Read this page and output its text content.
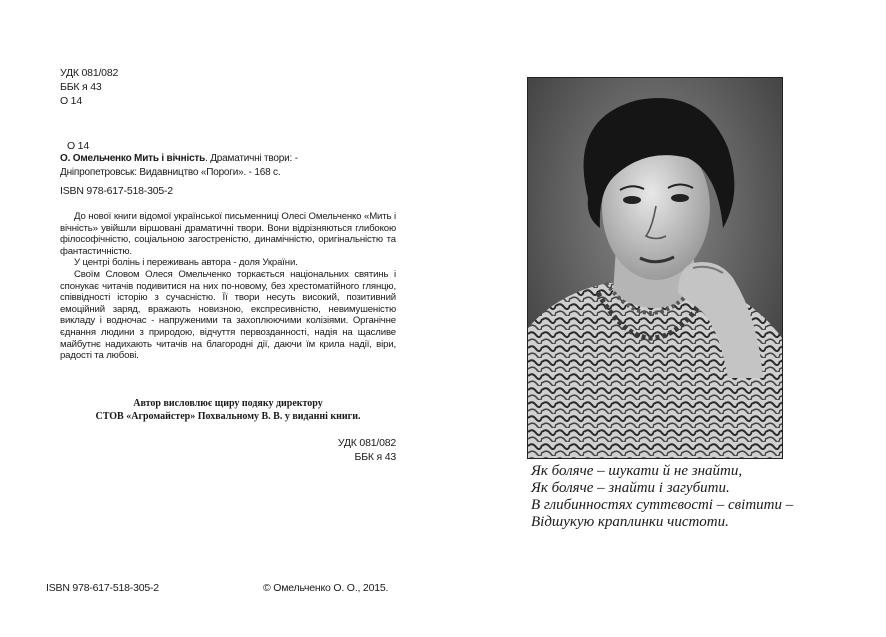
УДК 081/082
ББК я 43
О 14
О 14
О. Омельченко Мить і вічність. Драматичні твори: -
Дніпропетровськ: Видавництво «Пороги». - 168 с.
ISBN 978-617-518-305-2

До нової книги відомої української письменниці Олесі Омельченко «Мить і вічність» увійшли віршовані драматичні твори. Вони відрізняються глибокою філософічністю, соціальною загостреністю, динамічністю, оригінальністю та фантастичністю.

У центрі болінь і переживань автора - доля України.

Своїм Словом Олеся Омельченко торкається національних святинь і спонукає читачів подивитися на них по-новому, без хрестоматійного глянцю, співвідності історію з сучасністю. Її твори несуть високий, позитивний емоційний заряд, вражають новизною, експресивністю, невимушеністю викладу і водночас - напруженими та захоплюючими колізіями. Органічне єднання людини з природою, відчуття первозданності, надія на щасливе майбутнє надихають читачів на благородні дії, даючи їм крила надії, віри, радості та любові.

Автор висловлює щиру подяку директору
СТОВ «Агромайстер» Похвальному В. В. у виданні книги.
УДК 081/082
ББК я 43
ISBN 978-617-518-305-2	© Омельченко О. О., 2015.
Як боляче – шукати й не знайти,
Як боляче – знайти і загубити.
В глибинностях суттєвості – світити –
Відшукую краплинки чистоти.
